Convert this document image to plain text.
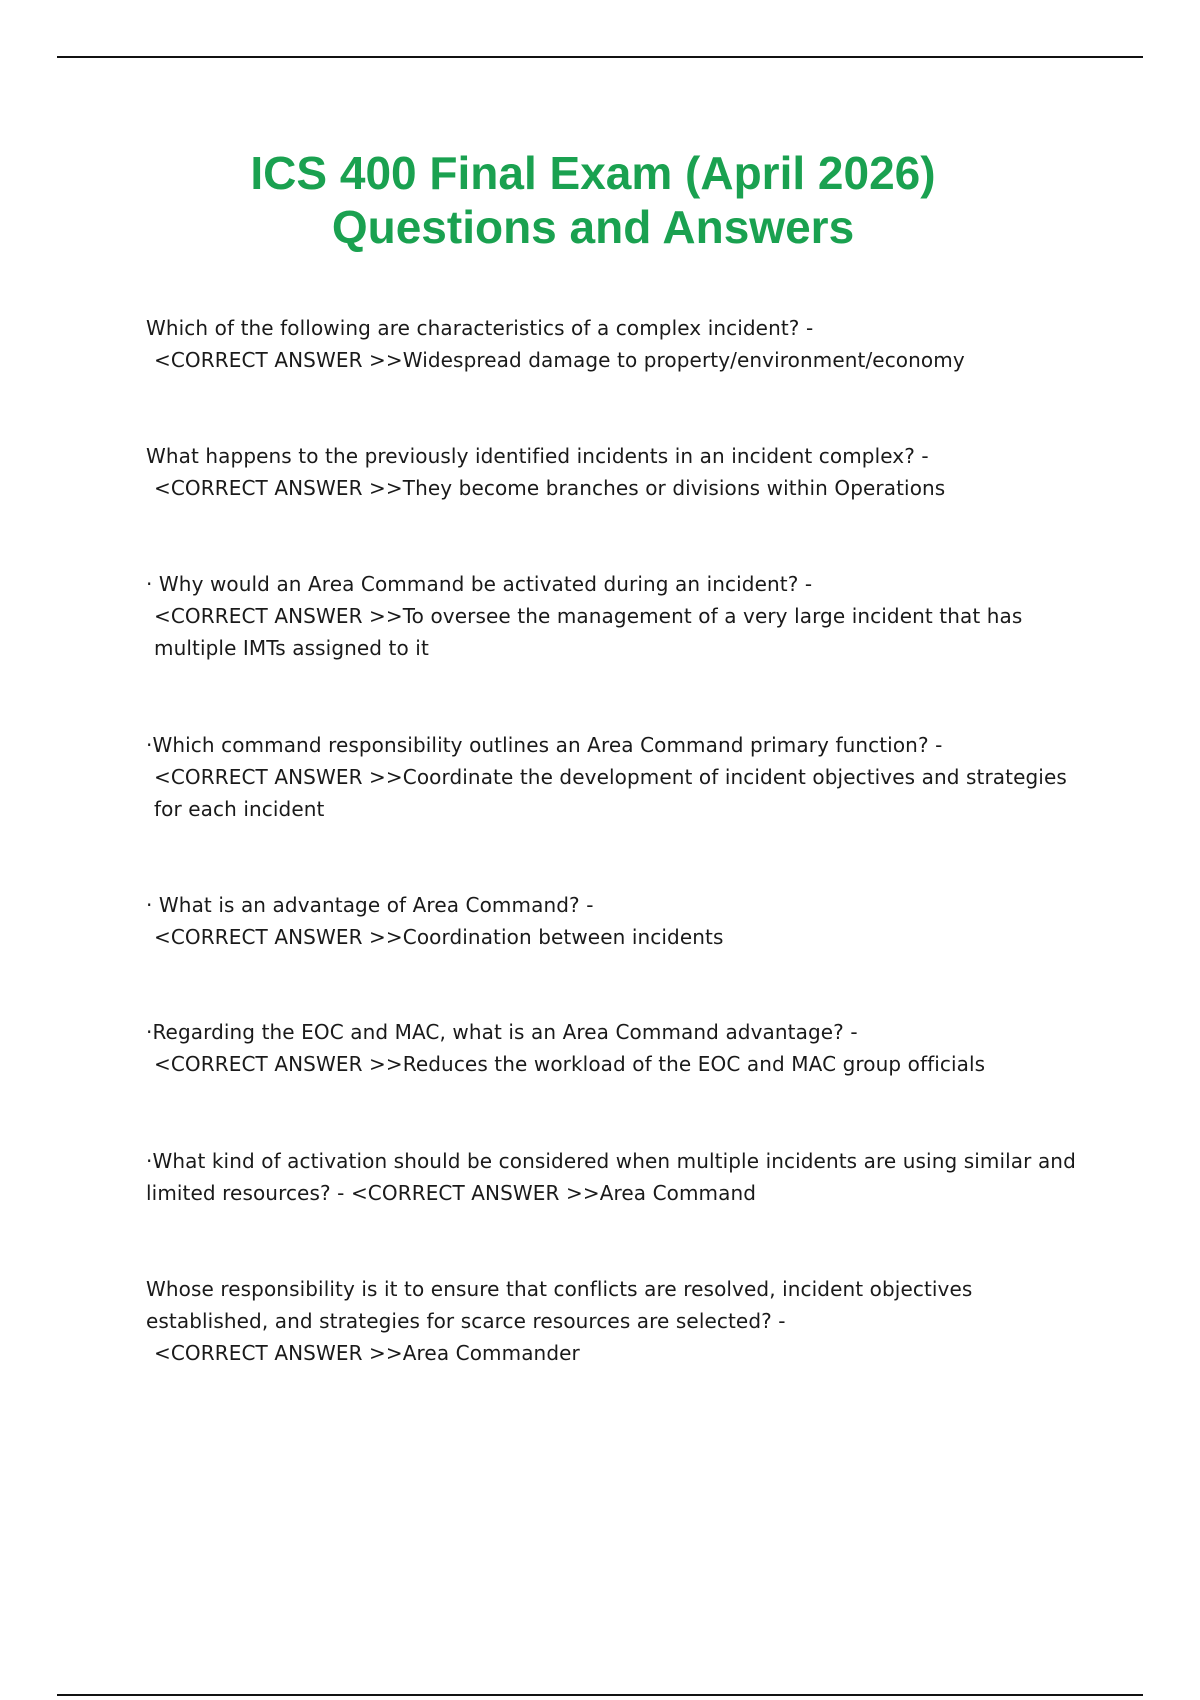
ICS 400 Final Exam (April 2026)
Questions and Answers
Which of the following are characteristics of a complex incident? -
<CORRECT ANSWER >>Widespread damage to property/environment/economy
What happens to the previously identified incidents in an incident complex? -
<CORRECT ANSWER >>They become branches or divisions within Operations
· Why would an Area Command be activated during an incident? -
<CORRECT ANSWER >>To oversee the management of a very large incident that has multiple IMTs assigned to it
·Which command responsibility outlines an Area Command primary function? -
<CORRECT ANSWER >>Coordinate the development of incident objectives and strategies for each incident
· What is an advantage of Area Command? -
<CORRECT ANSWER >>Coordination between incidents
·Regarding the EOC and MAC, what is an Area Command advantage? -
<CORRECT ANSWER >>Reduces the workload of the EOC and MAC group officials
·What kind of activation should be considered when multiple incidents are using similar and limited resources? - <CORRECT ANSWER >>Area Command
Whose responsibility is it to ensure that conflicts are resolved, incident objectives established, and strategies for scarce resources are selected? -
<CORRECT ANSWER >>Area Commander
